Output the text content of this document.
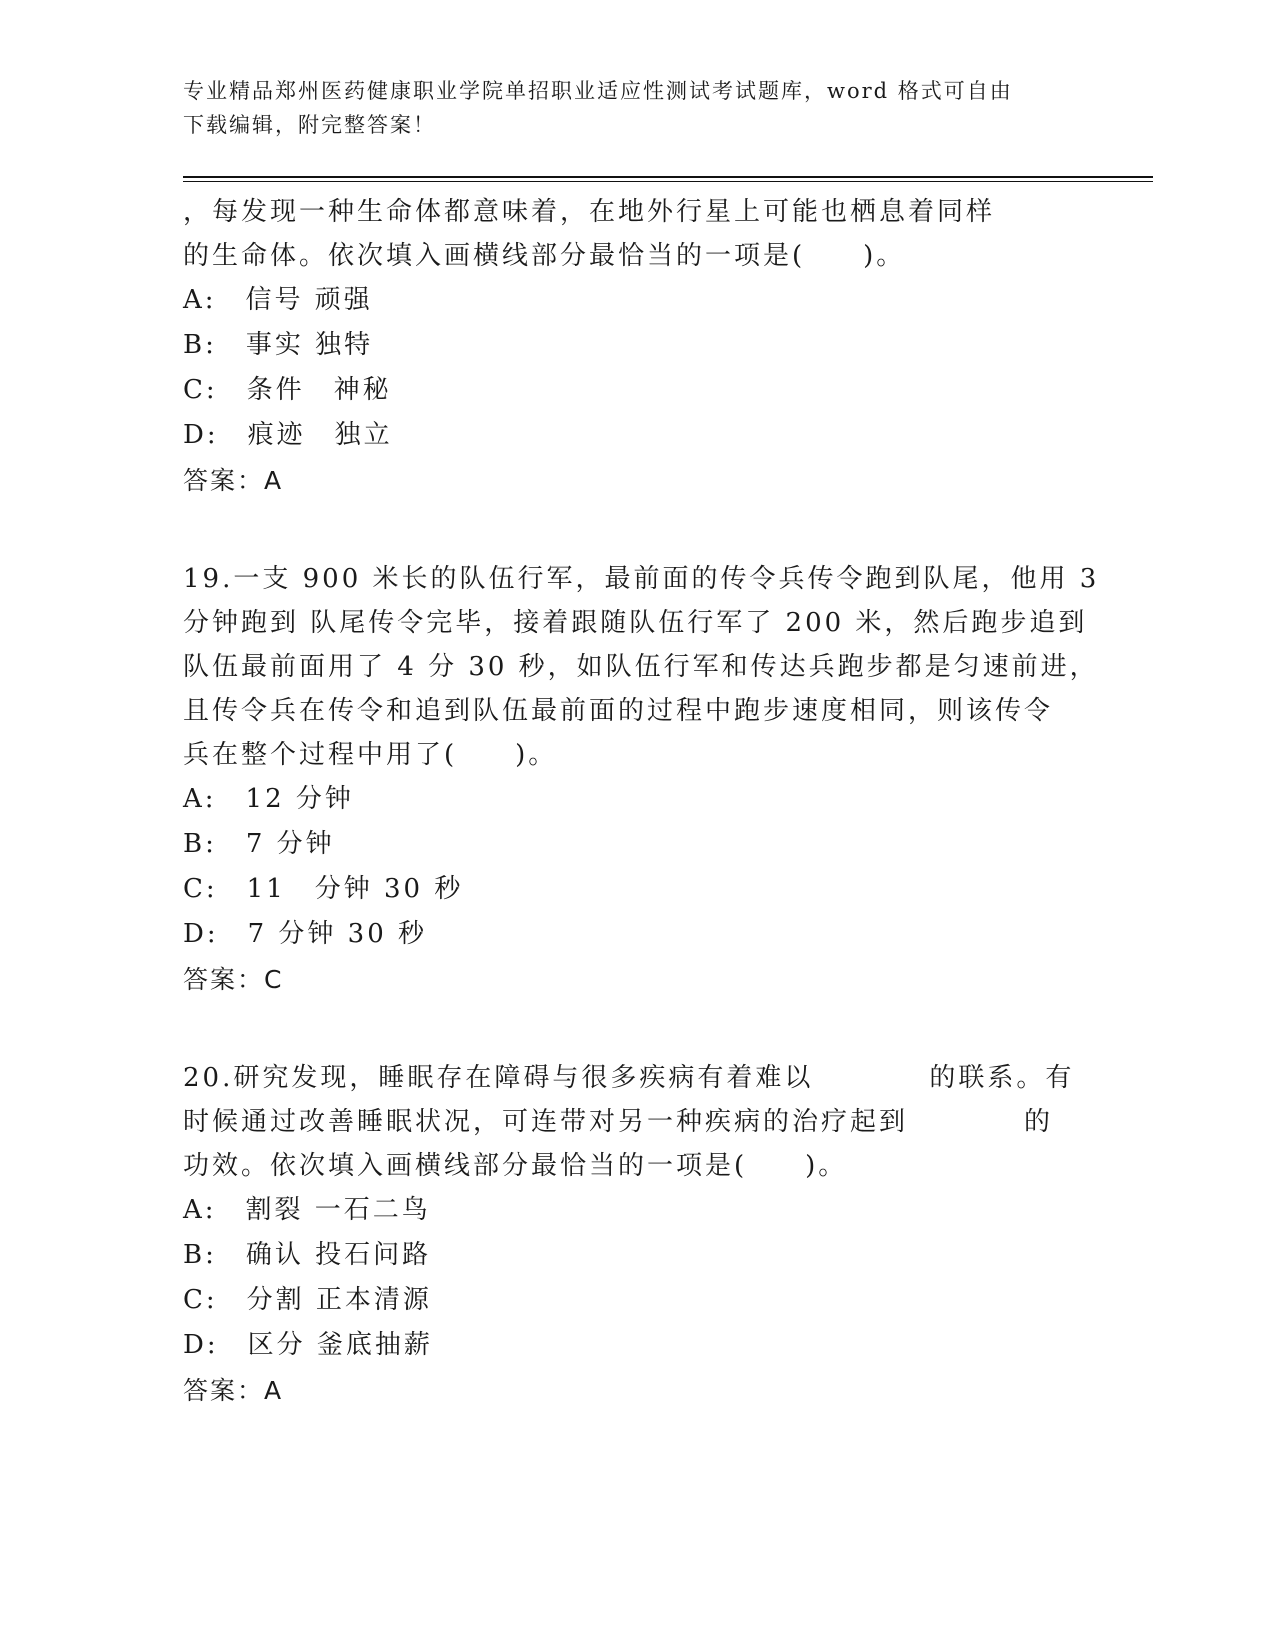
专业精品郑州医药健康职业学院单招职业适应性测试考试题库，word 格式可自由
下载编辑，附完整答案！
，每发现一种生命体都意味着，在地外行星上可能也栖息着同样
的生命体。依次填入画横线部分最恰当的一项是(　　)。
A:　信号 顽强
B:　事实 独特
C:　条件　神秘
D:　痕迹　独立
答案：A
19.一支 900 米长的队伍行军，最前面的传令兵传令跑到队尾，他用 3
分钟跑到 队尾传令完毕，接着跟随队伍行军了 200 米，然后跑步追到
队伍最前面用了 4 分 30 秒，如队伍行军和传达兵跑步都是匀速前进，
且传令兵在传令和追到队伍最前面的过程中跑步速度相同，则该传令
兵在整个过程中用了(　　)。
A:　12 分钟
B:　7 分钟
C:　11　分钟 30 秒
D:　7 分钟 30 秒
答案：C
20.研究发现，睡眠存在障碍与很多疾病有着难以　　　　的联系。有
时候通过改善睡眠状况，可连带对另一种疾病的治疗起到　　　　的
功效。依次填入画横线部分最恰当的一项是(　　)。
A:　割裂 一石二鸟
B:　确认 投石问路
C:　分割 正本清源
D:　区分 釜底抽薪
答案：A
